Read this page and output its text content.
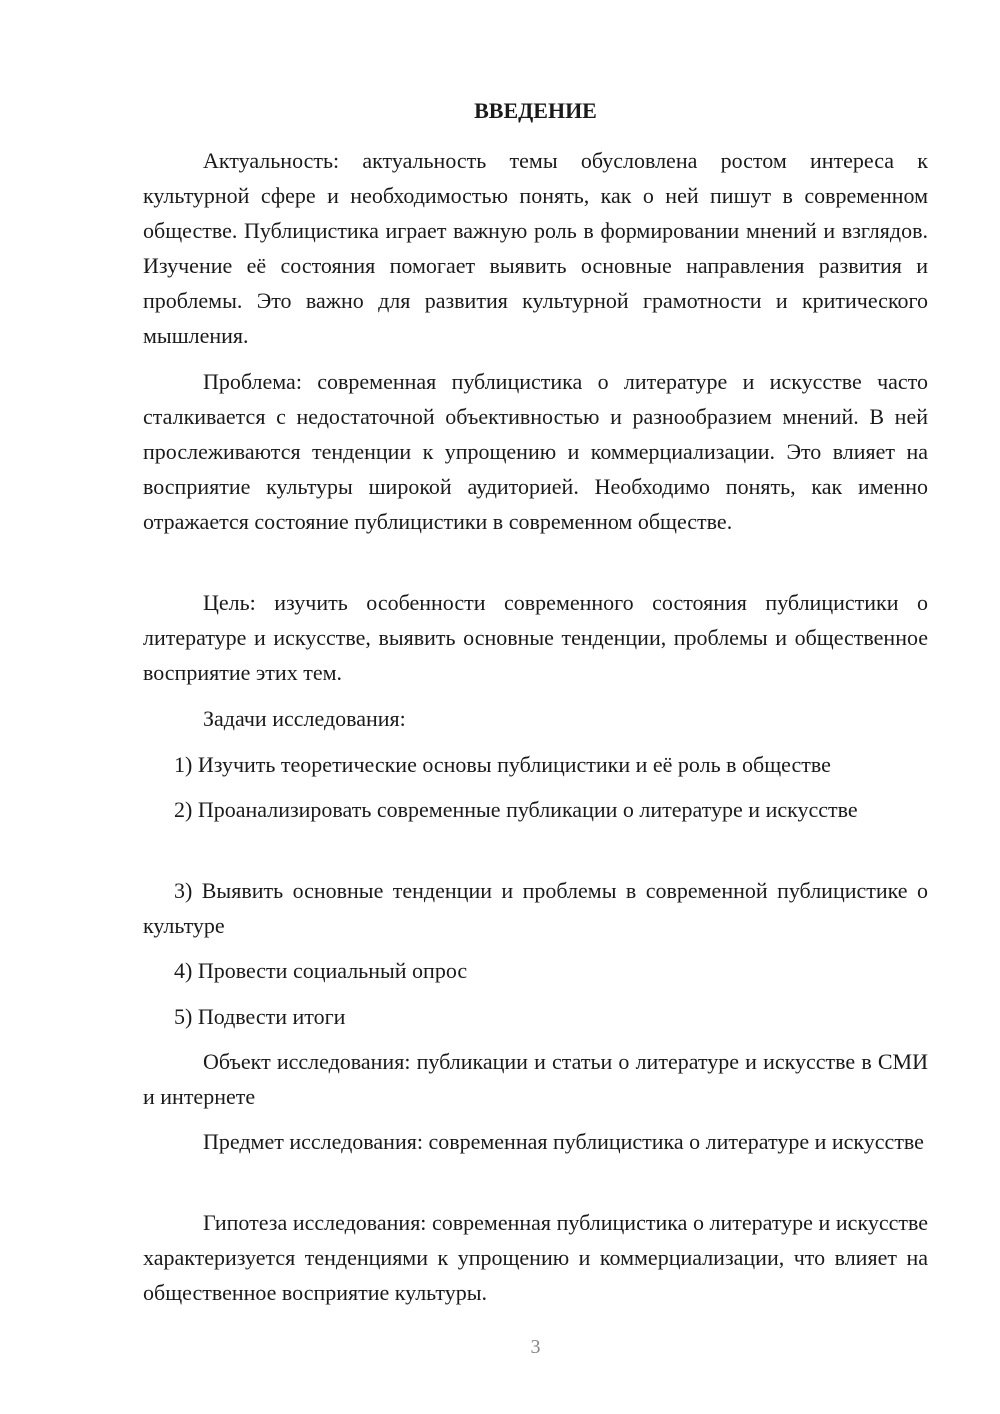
ВВЕДЕНИЕ

Актуальность: актуальность темы обусловлена ростом интереса к культурной сфере и необходимостью понять, как о ней пишут в современном обществе. Публицистика играет важную роль в формировании мнений и взглядов. Изучение её состояния помогает выявить основные направления развития и проблемы. Это важно для развития культурной грамотности и критического мышления.

Проблема: современная публицистика о литературе и искусстве часто сталкивается с недостаточной объективностью и разнообразием мнений. В ней прослеживаются тенденции к упрощению и коммерциализации. Это влияет на восприятие культуры широкой аудиторией. Необходимо понять, как именно отражается состояние публицистики в современном обществе.

Цель: изучить особенности современного состояния публицистики о литературе и искусстве, выявить основные тенденции, проблемы и общественное восприятие этих тем.

Задачи исследования:

1) Изучить теоретические основы публицистики и её роль в обществе

2) Проанализировать современные публикации о литературе и искусстве

3) Выявить основные тенденции и проблемы в современной публицистике о культуре

4) Провести социальный опрос

5) Подвести итоги

Объект исследования: публикации и статьи о литературе и искусстве в СМИ и интернете

Предмет исследования: современная публицистика о литературе и искусстве

Гипотеза исследования: современная публицистика о литературе и искусстве характеризуется тенденциями к упрощению и коммерциализации, что влияет на общественное восприятие культуры.

3
